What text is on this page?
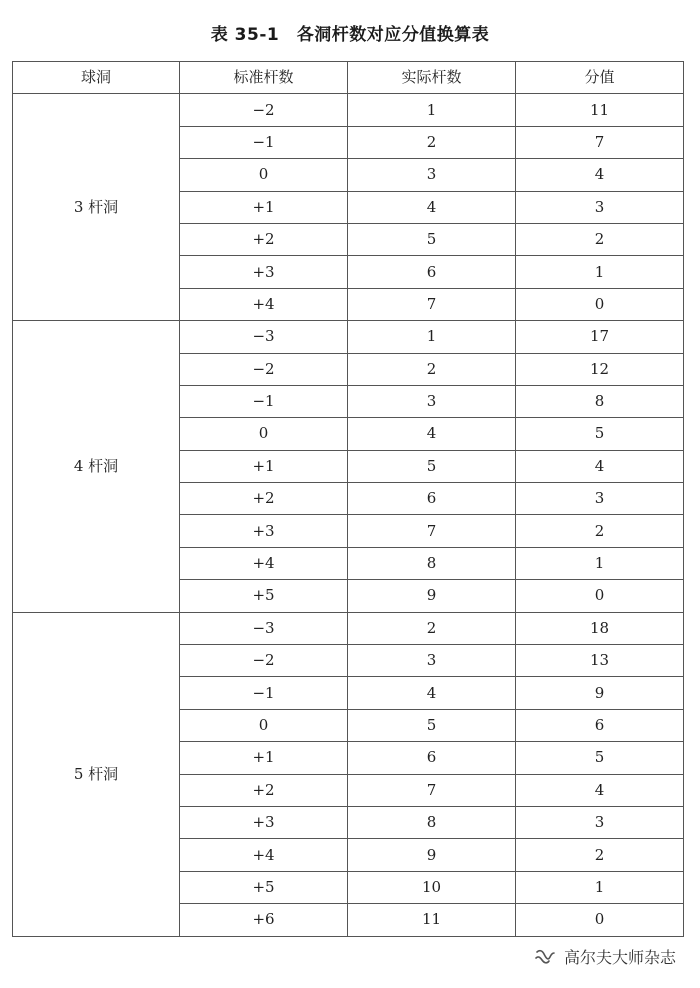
表 35-1　各洞杆数对应分值换算表
球洞	标准杆数	实际杆数	分值
3 杆洞	−2	1	11
	−1	2	7
	0	3	4
	+1	4	3
	+2	5	2
	+3	6	1
	+4	7	0
4 杆洞	−3	1	17
	−2	2	12
	−1	3	8
	0	4	5
	+1	5	4
	+2	6	3
	+3	7	2
	+4	8	1
	+5	9	0
5 杆洞	−3	2	18
	−2	3	13
	−1	4	9
	0	5	6
	+1	6	5
	+2	7	4
	+3	8	3
	+4	9	2
	+5	10	1
	+6	11	0
高尔夫大师杂志
